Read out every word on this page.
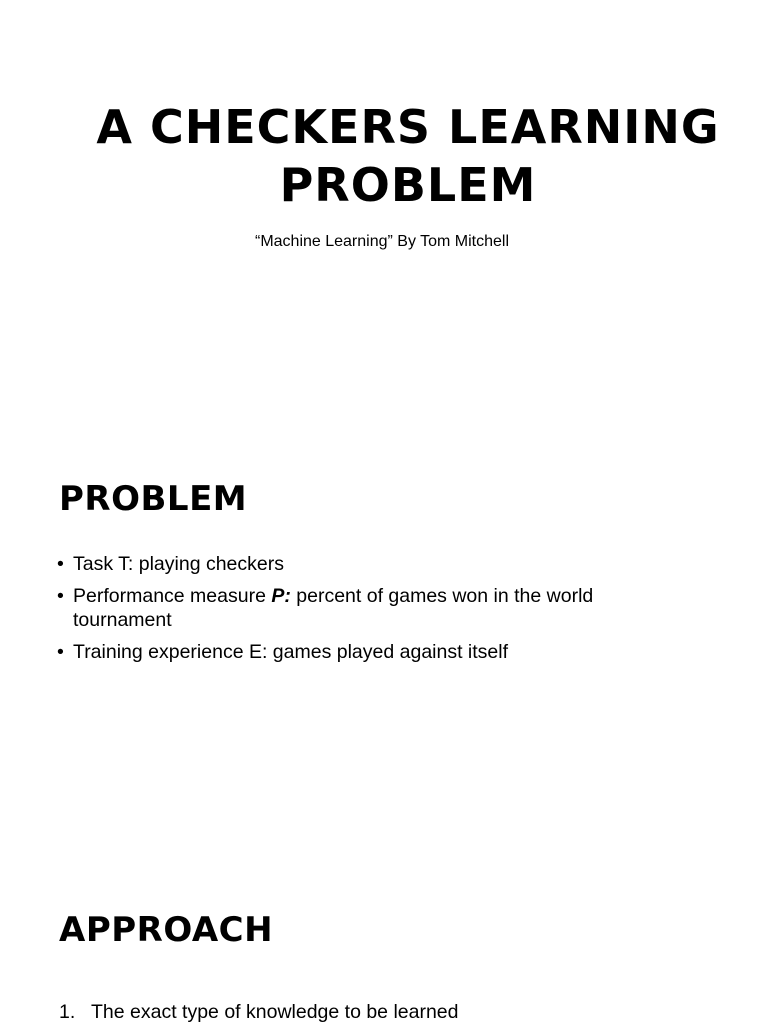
A CHECKERS LEARNING PROBLEM

“Machine Learning” By Tom Mitchell

PROBLEM
• Task T: playing checkers
• Performance measure P: percent of games won in the world tournament
• Training experience E: games played against itself
APPROACH
1. The exact type of knowledge to be learned
